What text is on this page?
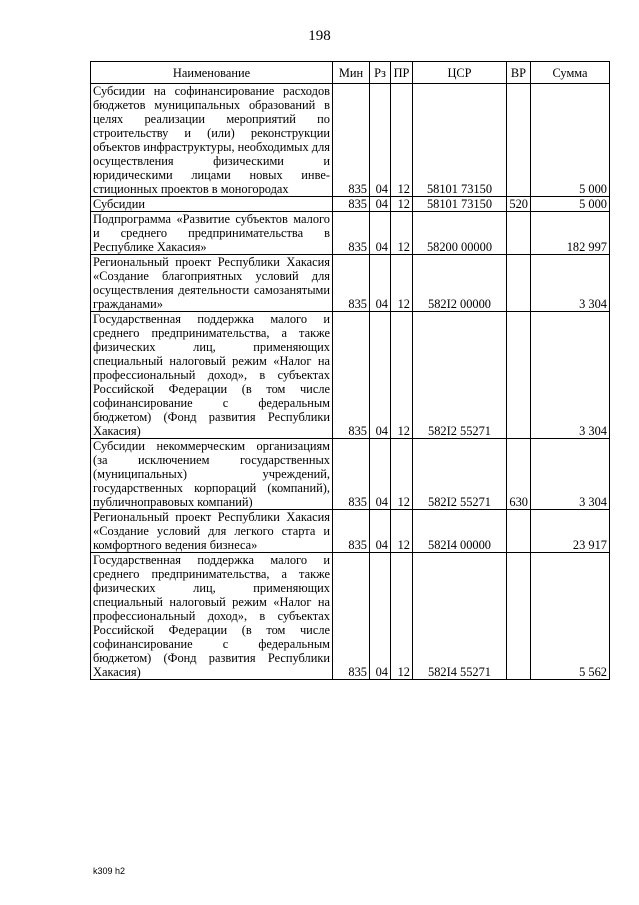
198
Наименование	Мин	Рз	ПР	ЦСР	ВР	Сумма
Субсидии на софинансирование расходов бюджетов муниципальных образований в целях реализации мероприятий по строительству и (или) реконструкции объектов инфраструктуры, необходимых для осуществления физическими и юридическими лицами новых инвестиционных проектов в моногородах	835	04	12	58101 73150		5 000
Субсидии	835	04	12	58101 73150	520	5 000
Подпрограмма «Развитие субъектов малого и среднего предпринимательства в Республике Хакасия»	835	04	12	58200 00000		182 997
Региональный проект Республики Хакасия «Создание благоприятных условий для осуществления деятельности самозанятыми гражданами»	835	04	12	582I2 00000		3 304
Государственная поддержка малого и среднего предпринимательства, а также физических лиц, применяющих специальный налоговый режим «Налог на профессиональный доход», в субъектах Российской Федерации (в том числе софинансирование с федеральным бюджетом) (Фонд развития Республики Хакасия)	835	04	12	582I2 55271		3 304
Субсидии некоммерческим организациям (за исключением государственных (муниципальных) учреждений, государственных корпораций (компаний), публичноправовых компаний)	835	04	12	582I2 55271	630	3 304
Региональный проект Республики Хакасия «Создание условий для легкого старта и комфортного ведения бизнеса»	835	04	12	582I4 00000		23 917
Государственная поддержка малого и среднего предпринимательства, а также физических лиц, применяющих специальный налоговый режим «Налог на профессиональный доход», в субъектах Российской Федерации (в том числе софинансирование с федеральным бюджетом) (Фонд развития Республики Хакасия)	835	04	12	582I4 55271		5 562
k309 h2
